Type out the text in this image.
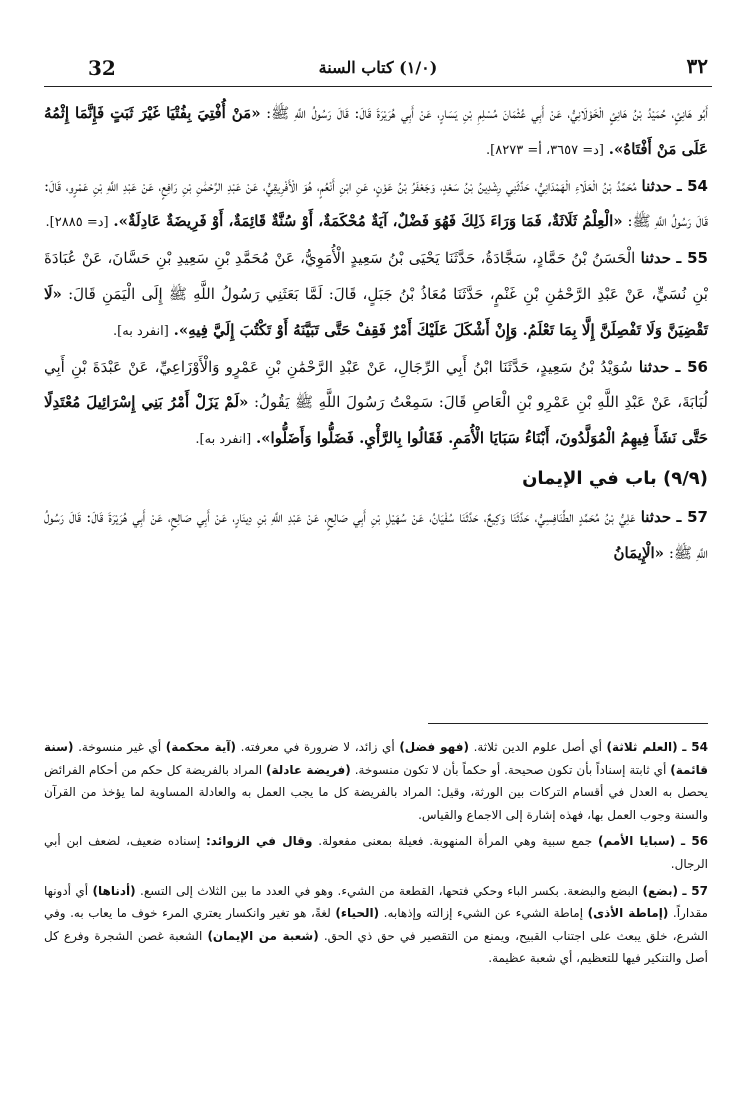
32	(١/٠) كتاب السنة	٣٢

أَبُو هَانِئٍ، حُمَيْدُ بْنُ هَانِئٍ الْخَوْلَانِيُّ، عَنْ أَبِي عُثْمَانَ مُسْلِمِ بْنِ يَسَارٍ، عَنْ أَبِي هُرَيْرَةَ قَالَ: قَالَ رَسُولُ اللَّهِ ﷺ: «مَنْ أُفْتِيَ بِفُتْيَا غَيْرَ ثَبَتٍ فَإِنَّمَا إِثْمُهُ عَلَى مَنْ أَفْتَاهُ». [د= ٣٦٥٧، أ= ٨٢٧٣].

54 ـ حدثنا مُحَمَّدُ بْنُ الْعَلَاءِ الْهَمْدَانِيُّ، حَدَّثَنِي رِشْدِينُ بْنُ سَعْدٍ، وَجَعْفَرُ بْنُ عَوْنٍ، عَنِ ابْنِ أَنْعُمٍ، هُوَ الْأَفْرِيقِيُّ، عَنْ عَبْدِ الرَّحْمَٰنِ بْنِ رَافِعٍ، عَنْ عَبْدِ اللَّهِ بْنِ عَمْرٍو، قَالَ: قَالَ رَسُولُ اللَّهِ ﷺ: «الْعِلْمُ ثَلَاثَةٌ، فَمَا وَرَاءَ ذَلِكَ فَهُوَ فَضْلٌ، آيَةٌ مُحْكَمَةٌ، أَوْ سُنَّةٌ قَائِمَةٌ، أَوْ فَرِيضَةٌ عَادِلَةٌ». [د= ٢٨٨٥].

55 ـ حدثنا الْحَسَنُ بْنُ حَمَّادٍ، سَجَّادَةُ، حَدَّثَنَا يَحْيَى بْنُ سَعِيدٍ الْأُمَوِيُّ، عَنْ مُحَمَّدِ بْنِ سَعِيدِ بْنِ حَسَّانَ، عَنْ عُبَادَةَ بْنِ نُسَيٍّ، عَنْ عَبْدِ الرَّحْمَٰنِ بْنِ غَنْمٍ، حَدَّثَنَا مُعَاذُ بْنُ جَبَلٍ، قَالَ: لَمَّا بَعَثَنِي رَسُولُ اللَّهِ ﷺ إِلَى الْيَمَنِ قَالَ: «لَا تَقْضِيَنَّ وَلَا تَفْصِلَنَّ إِلَّا بِمَا تَعْلَمُ. وَإِنْ أَشْكَلَ عَلَيْكَ أَمْرٌ فَقِفْ حَتَّى تَبَيَّنَهُ أَوْ تَكْتُبَ إِلَيَّ فِيهِ». [انفرد به].

56 ـ حدثنا سُوَيْدُ بْنُ سَعِيدٍ، حَدَّثَنَا ابْنُ أَبِي الرِّجَالِ، عَنْ عَبْدِ الرَّحْمَٰنِ بْنِ عَمْرٍو وَالْأَوْزَاعِيِّ، عَنْ عَبْدَةَ بْنِ أَبِي لُبَابَةَ، عَنْ عَبْدِ اللَّهِ بْنِ عَمْرِو بْنِ الْعَاصِ قَالَ: سَمِعْتُ رَسُولَ اللَّهِ ﷺ يَقُولُ: «لَمْ يَزَلْ أَمْرُ بَنِي إِسْرَائِيلَ مُعْتَدِلًا حَتَّى نَشَأَ فِيهِمُ الْمُوَلَّدُونَ، أَبْنَاءُ سَبَايَا الْأُمَمِ. فَقَالُوا بِالرَّأْيِ. فَضَلُّوا وَأَضَلُّوا». [انفرد به].

(٩/٩) باب في الإيمان

57 ـ حدثنا عَلِيُّ بْنُ مُحَمَّدٍ الطَّنَافِسِيُّ، حَدَّثَنَا وَكِيعٌ، حَدَّثَنَا سُفْيَانُ، عَنْ سُهَيْلِ بْنِ أَبِي صَالِحٍ، عَنْ عَبْدِ اللَّهِ بْنِ دِينَارٍ، عَنْ أَبِي صَالِحٍ، عَنْ أَبِي هُرَيْرَةَ قَالَ: قَالَ رَسُولُ اللَّهِ ﷺ: «الْإِيمَانُ

54 ـ (العلم ثلاثة) أي أصل علوم الدين ثلاثة. (فهو فضل) أي زائد، لا ضرورة في معرفته. (آية محكمة) أي غير منسوخة. (سنة قائمة) أي ثابتة إسناداً بأن تكون صحيحة. أو حكماً بأن لا تكون منسوخة. (فريضة عادلة) المراد بالفريضة كل حكم من أحكام الفرائض يحصل به العدل في أقسام التركات بين الورثة، وقيل: المراد بالفريضة كل ما يجب العمل به والعادلة المساوية لما يؤخذ من القرآن والسنة وجوب العمل بها، فهذه إشارة إلى الاجماع والقياس.

56 ـ (سبايا الأمم) جمع سبية وهي المرأة المنهوبة. فعيلة بمعنى مفعولة. وقال في الزوائد: إسناده ضعيف، لضعف ابن أبي الرجال.

57 ـ (بضع) البضع والبضعة. بكسر الباء وحكي فتحها، القطعة من الشيء. وهو في العدد ما بين الثلاث إلى التسع. (أدناها) أي أدونها مقداراً. (إماطة الأذى) إماطة الشيء عن الشيء إزالته وإذهابه. (الحياء) لغةً، هو تغير وانكسار يعتري المرء خوف ما يعاب به. وفي الشرع، خلق يبعث على اجتناب القبيح، ويمنع من التقصير في حق ذي الحق. (شعبة من الإيمان) الشعبة غصن الشجرة وفرع كل أصل والتنكير فيها للتعظيم، أي شعبة عظيمة.
